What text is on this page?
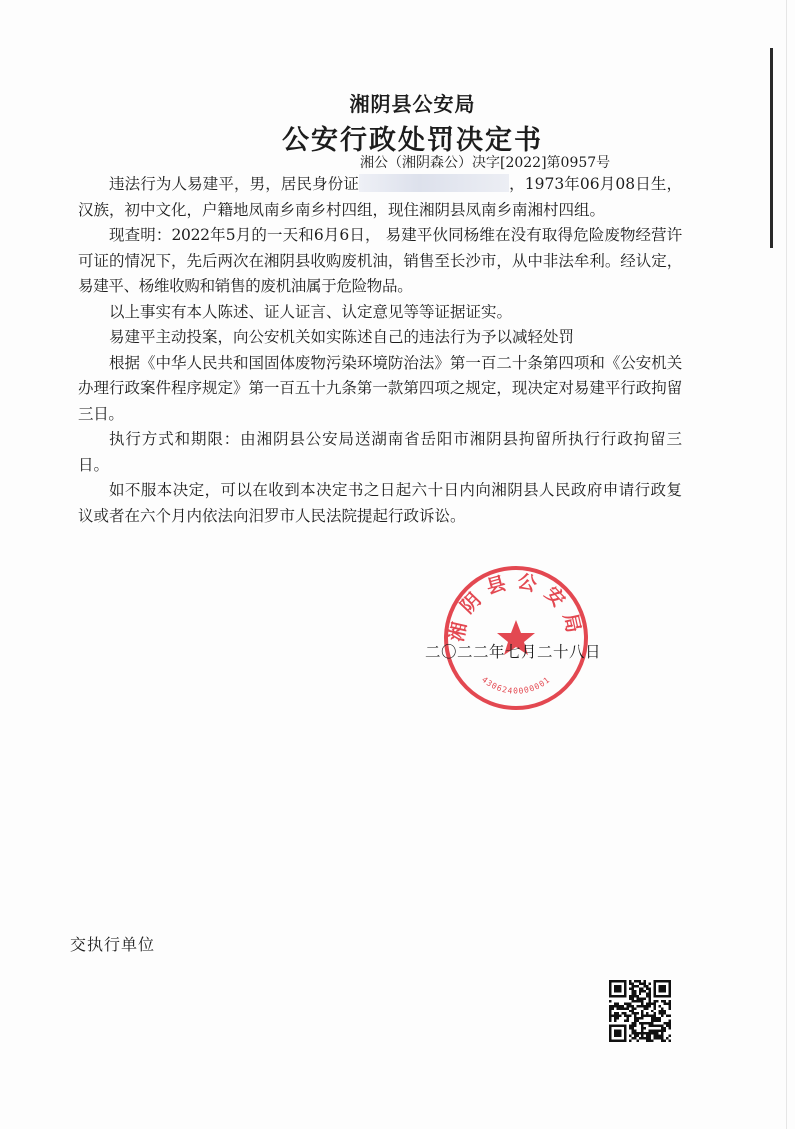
湘阴县公安局
公安行政处罚决定书
湘公（湘阴森公）决字[2022]第0957号

违法行为人易建平，男，居民身份证	，1973年06月08日生，汉族，初中文化，户籍地凤南乡南乡村四组，现住湘阴县凤南乡南湘村四组。

现查明：2022年5月的一天和6月6日， 易建平伙同杨维在没有取得危险废物经营许可证的情况下，先后两次在湘阴县收购废机油，销售至长沙市，从中非法牟利。经认定，易建平、杨维收购和销售的废机油属于危险物品。

以上事实有本人陈述、证人证言、认定意见等等证据证实。

易建平主动投案，向公安机关如实陈述自己的违法行为予以减轻处罚

根据《中华人民共和国固体废物污染环境防治法》第一百二十条第四项和《公安机关办理行政案件程序规定》第一百五十九条第一款第四项之规定，现决定对易建平行政拘留三日。

执行方式和期限：由湘阴县公安局送湖南省岳阳市湘阴县拘留所执行行政拘留三日。

如不服本决定，可以在收到本决定书之日起六十日内向湘阴县人民政府申请行政复议或者在六个月内依法向汨罗市人民法院提起行政诉讼。

湘阴县公安局
4306240000001
二〇二二年七月二十八日
交执行单位
